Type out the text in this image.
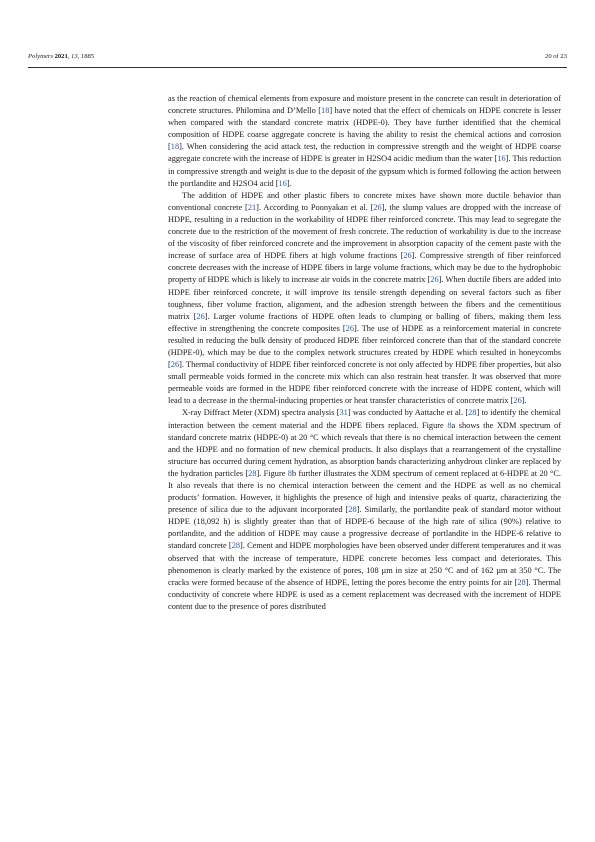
Polymers 2021, 13, 1885	20 of 23

as the reaction of chemical elements from exposure and moisture present in the concrete can result in deterioration of concrete structures. Philomina and D’Mello [18] have noted that the effect of chemicals on HDPE concrete is lesser when compared with the standard concrete matrix (HDPE-0). They have further identified that the chemical composition of HDPE coarse aggregate concrete is having the ability to resist the chemical actions and corrosion [18]. When considering the acid attack test, the reduction in compressive strength and the weight of HDPE coarse aggregate concrete with the increase of HDPE is greater in H2SO4 acidic medium than the water [16]. This reduction in compressive strength and weight is due to the deposit of the gypsum which is formed following the action between the portlandite and H2SO4 acid [16].

The addition of HDPE and other plastic fibers to concrete mixes have shown more ductile behavior than conventional concrete [21]. According to Poonyakan et al. [26], the slump values are dropped with the increase of HDPE, resulting in a reduction in the workability of HDPE fiber reinforced concrete. This may lead to segregate the concrete due to the restriction of the movement of fresh concrete. The reduction of workability is due to the increase of the viscosity of fiber reinforced concrete and the improvement in absorption capacity of the cement paste with the increase of surface area of HDPE fibers at high volume fractions [26]. Compressive strength of fiber reinforced concrete decreases with the increase of HDPE fibers in large volume fractions, which may be due to the hydrophobic property of HDPE which is likely to increase air voids in the concrete matrix [26]. When ductile fibers are added into HDPE fiber reinforced concrete, it will improve its tensile strength depending on several factors such as fiber toughness, fiber volume fraction, alignment, and the adhesion strength between the fibers and the cementitious matrix [26]. Larger volume fractions of HDPE often leads to clumping or balling of fibers, making them less effective in strengthening the concrete composites [26]. The use of HDPE as a reinforcement material in concrete resulted in reducing the bulk density of produced HDPE fiber reinforced concrete than that of the standard concrete (HDPE-0), which may be due to the complex network structures created by HDPE which resulted in honeycombs [26]. Thermal conductivity of HDPE fiber reinforced concrete is not only affected by HDPE fiber properties, but also small permeable voids formed in the concrete mix which can also restrain heat transfer. It was observed that more permeable voids are formed in the HDPE fiber reinforced concrete with the increase of HDPE content, which will lead to a decrease in the thermal-inducing properties or heat transfer characteristics of concrete matrix [26].

X-ray Diffract Meter (XDM) spectra analysis [31] was conducted by Aattache et al. [28] to identify the chemical interaction between the cement material and the HDPE fibers replaced. Figure 8a shows the XDM spectrum of standard concrete matrix (HDPE-0) at 20 °C which reveals that there is no chemical interaction between the cement and the HDPE and no formation of new chemical products. It also displays that a rearrangement of the crystalline structure has occurred during cement hydration, as absorption bands characterizing anhydrous clinker are replaced by the hydration particles [28]. Figure 8b further illustrates the XDM spectrum of cement replaced at 6-HDPE at 20 °C. It also reveals that there is no chemical interaction between the cement and the HDPE as well as no chemical products’ formation. However, it highlights the presence of high and intensive peaks of quartz, characterizing the presence of silica due to the adjuvant incorporated [28]. Similarly, the portlandite peak of standard motor without HDPE (18,092 h) is slightly greater than that of HDPE-6 because of the high rate of silica (90%) relative to portlandite, and the addition of HDPE may cause a progressive decrease of portlandite in the HDPE-6 relative to standard concrete [28]. Cement and HDPE morphologies have been observed under different temperatures and it was observed that with the increase of temperature, HDPE concrete becomes less compact and deteriorates. This phenomenon is clearly marked by the existence of pores, 108 µm in size at 250 °C and of 162 µm at 350 °C. The cracks were formed because of the absence of HDPE, letting the pores become the entry points for air [28]. Thermal conductivity of concrete where HDPE is used as a cement replacement was decreased with the increment of HDPE content due to the presence of pores distributed
